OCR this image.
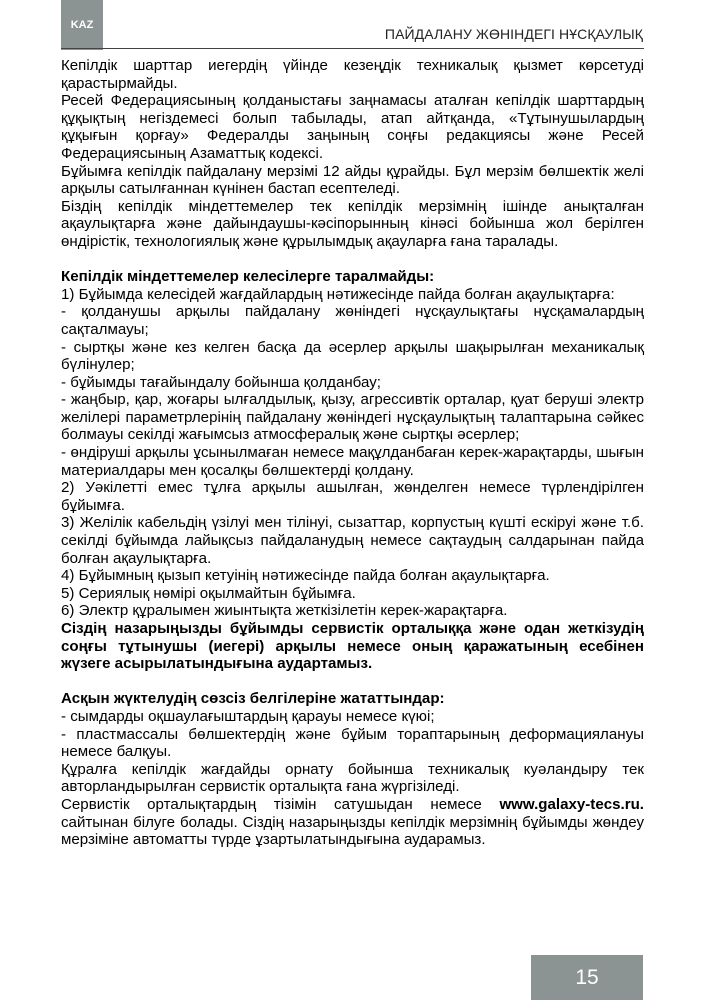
KAZ
ПАЙДАЛАНУ ЖӨНІНДЕГІ НҰСҚАУЛЫҚ

Кепілдік шарттар иегердің үйінде кезеңдік техникалық қызмет көрсетуді қарастырмайды.

Ресей Федерациясының қолданыстағы заңнамасы аталған кепілдік шарттардың құқықтың негіздемесі болып табылады, атап айтқанда, «Тұтынушылардың құқығын қорғау» Федералды заңының соңғы редакциясы және Ресей Федерациясының Азаматтық кодексі.

Бұйымға кепілдік пайдалану мерзімі 12 айды құрайды. Бұл мерзім бөлшектік желі арқылы сатылғаннан күнінен бастап есептеледі.

Біздің кепілдік міндеттемелер тек кепілдік мерзімнің ішінде анықталған ақаулықтарға және дайындаушы-кәсіпорынның кінәсі бойынша жол берілген өндірістік, технологиялық және құрылымдық ақауларға ғана таралады.

Кепілдік міндеттемелер келесілерге таралмайды:

1) Бұйымда келесідей жағдайлардың нәтижесінде пайда болған ақаулықтарға:

- қолданушы арқылы пайдалану жөніндегі нұсқаулықтағы нұсқамалардың сақталмауы;

- сыртқы және кез келген басқа да әсерлер арқылы шақырылған механикалық бүлінулер;

- бұйымды тағайындалу бойынша қолданбау;

- жаңбыр, қар, жоғары ылғалдылық, қызу, агрессивтік орталар, қуат беруші электр желілері параметрлерінің пайдалану жөніндегі нұсқаулықтың талаптарына сәйкес болмауы секілді жағымсыз атмосфералық және сыртқы әсерлер;

- өндіруші арқылы ұсынылмаған немесе мақұлданбаған керек-жарақтарды, шығын материалдары мен қосалқы бөлшектерді қолдану.

2) Уәкілетті емес тұлға арқылы ашылған, жөнделген немесе түрлендірілген бұйымға.

3) Желілік кабельдің үзілуі мен тілінуі, сызаттар, корпустың күшті ескіруі және т.б. секілді бұйымда лайықсыз пайдаланудың немесе сақтаудың салдарынан пайда болған ақаулықтарға.

4) Бұйымның қызып кетуінің нәтижесінде пайда болған ақаулықтарға.

5) Сериялық нөмірі оқылмайтын бұйымға.

6) Электр құралымен жиынтықта жеткізілетін керек-жарақтарға.

Сіздің назарыңызды бұйымды сервистік орталыққа және одан жеткізудің соңғы тұтынушы (иегері) арқылы немесе оның қаражатының есебінен жүзеге асырылатындығына аудартамыз.

Асқын жүктелудің сөзсіз белгілеріне жататтындар:

- сымдарды оқшаулағыштардың қарауы немесе күюі;

- пластмассалы бөлшектердің және бұйым тораптарының деформациялануы немесе балқуы.

Құралға кепілдік жағдайды орнату бойынша техникалық куәландыру тек авторландырылған сервистік орталықта ғана жүргізіледі.

Сервистік орталықтардың тізімін сатушыдан немесе www.galaxy-tecs.ru. сайтынан білуге болады. Сіздің назарыңызды кепілдік мерзімнің бұйымды жөндеу мерзіміне автоматты түрде ұзартылатындығына аударамыз.

15
